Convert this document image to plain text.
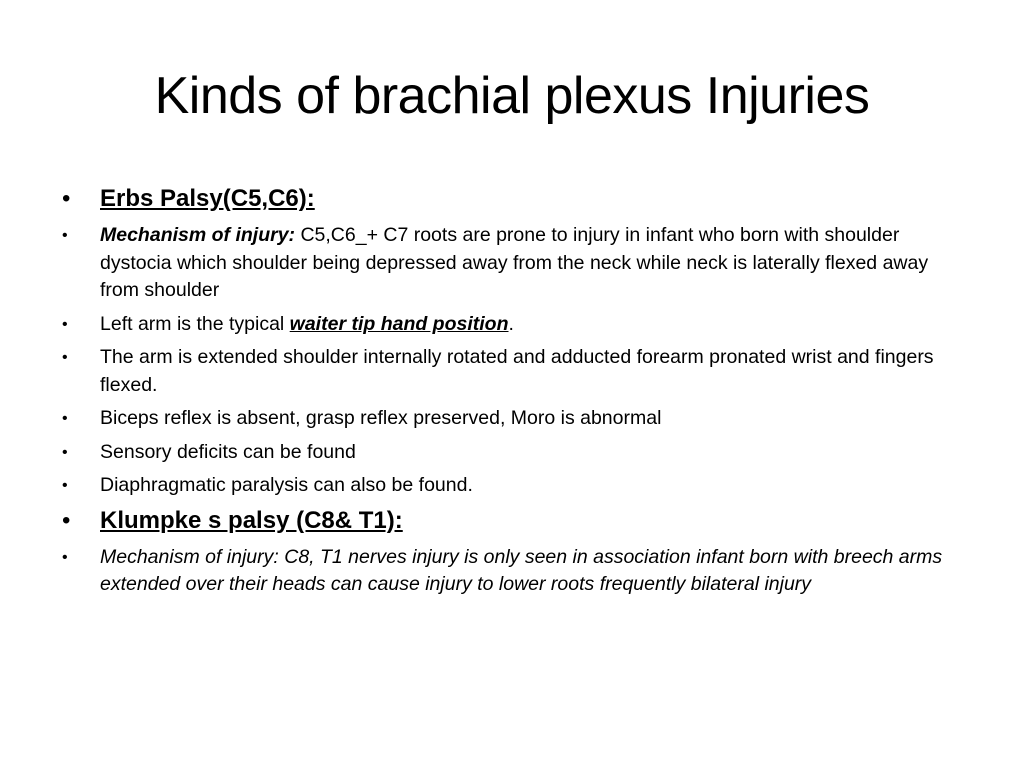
Kinds of brachial plexus Injuries
• Erbs Palsy(C5,C6):
• Mechanism of injury: C5,C6_+ C7 roots are prone to injury in infant who born with shoulder dystocia which shoulder being depressed away from the neck while neck is laterally flexed away from shoulder
• Left arm is the typical waiter tip hand position.
• The arm is extended shoulder internally rotated and adducted forearm pronated wrist and fingers flexed.
• Biceps reflex is absent, grasp reflex preserved, Moro is abnormal
• Sensory deficits can be found
• Diaphragmatic paralysis can also be found.
• Klumpke s palsy (C8& T1):
• Mechanism of injury: C8, T1 nerves injury is only seen in association infant born with breech arms extended over their heads can cause injury to lower roots frequently bilateral injury
